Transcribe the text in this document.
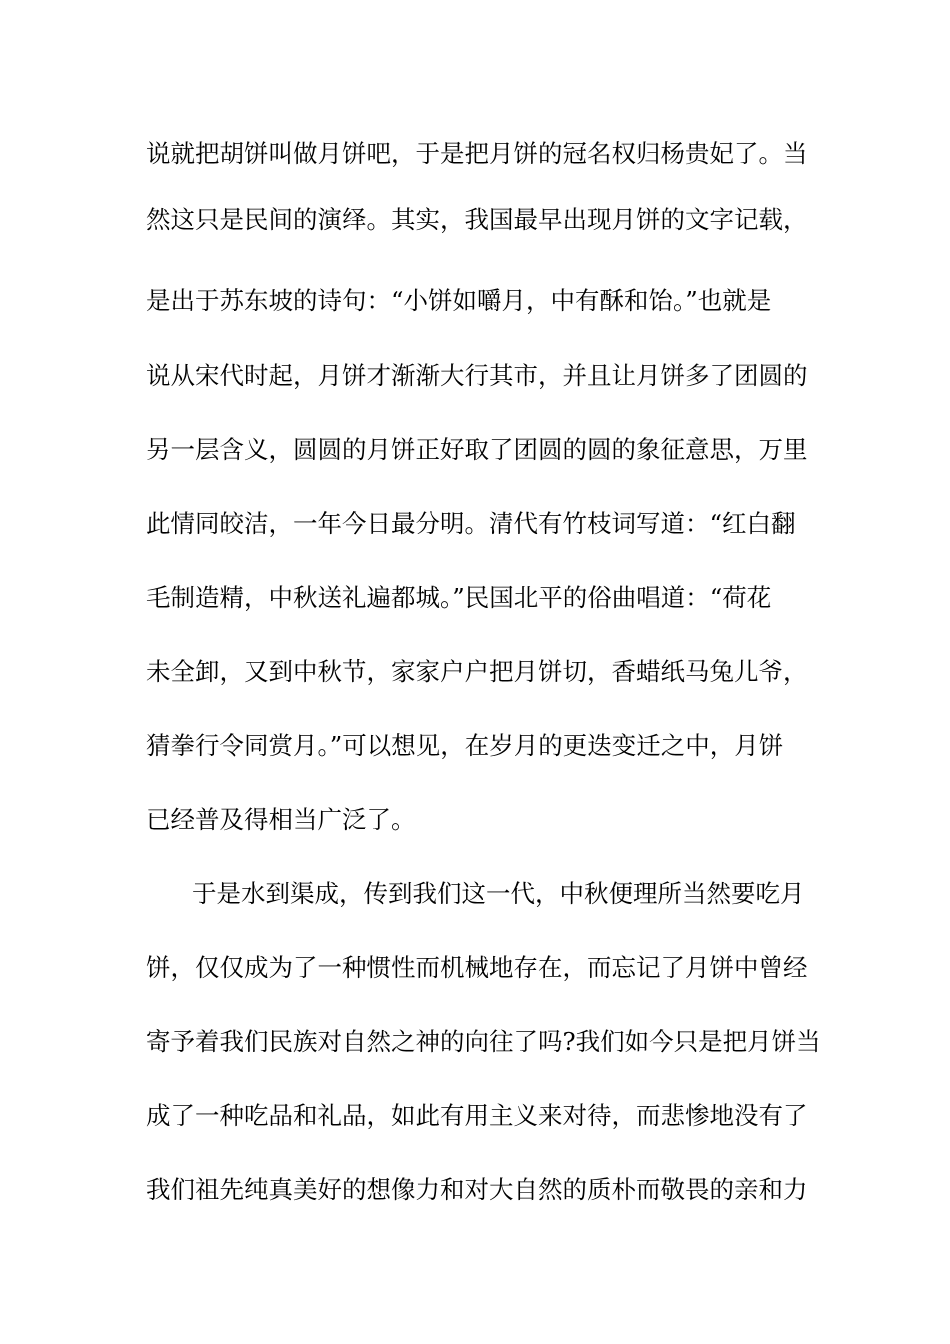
说就把胡饼叫做月饼吧，于是把月饼的冠名权归杨贵妃了。当
然这只是民间的演绎。其实，我国最早出现月饼的文字记载，
是出于苏东坡的诗句：“小饼如嚼月，中有酥和饴。”也就是
说从宋代时起，月饼才渐渐大行其市，并且让月饼多了团圆的
另一层含义，圆圆的月饼正好取了团圆的圆的象征意思，万里
此情同皎洁，一年今日最分明。清代有竹枝词写道：“红白翻
毛制造精，中秋送礼遍都城。”民国北平的俗曲唱道：“荷花
未全卸，又到中秋节，家家户户把月饼切，香蜡纸马兔儿爷，
猜拳行令同赏月。”可以想见，在岁月的更迭变迁之中，月饼
已经普及得相当广泛了。
于是水到渠成，传到我们这一代，中秋便理所当然要吃月
饼，仅仅成为了一种惯性而机械地存在，而忘记了月饼中曾经
寄予着我们民族对自然之神的向往了吗?我们如今只是把月饼当
成了一种吃品和礼品，如此有用主义来对待，而悲惨地没有了
我们祖先纯真美好的想像力和对大自然的质朴而敬畏的亲和力
